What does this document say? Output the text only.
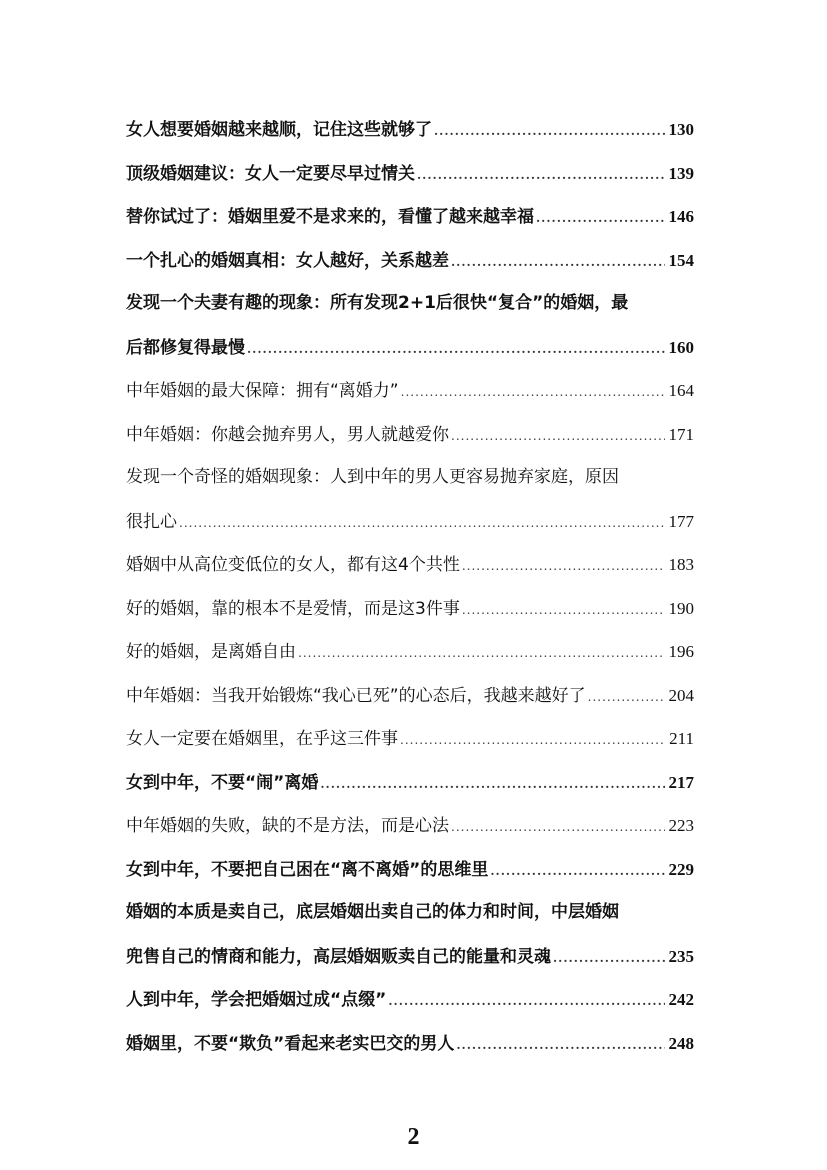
女人想要婚姻越来越顺，记住这些就够了 .....	130
顶级婚姻建议：女人一定要尽早过情关 .....	139
替你试过了：婚姻里爱不是求来的，看懂了越来越幸福 .....	146
一个扎心的婚姻真相：女人越好，关系越差 .....	154
发现一个夫妻有趣的现象：所有发现2+1后很快“复合”的婚姻，最
后都修复得最慢 .....	160
中年婚姻的最大保障：拥有“离婚力” .....	164
中年婚姻：你越会抛弃男人，男人就越爱你 .....	171
发现一个奇怪的婚姻现象：人到中年的男人更容易抛弃家庭，原因
很扎心 .....	177
婚姻中从高位变低位的女人，都有这4个共性 .....	183
好的婚姻，靠的根本不是爱情，而是这3件事 .....	190
好的婚姻，是离婚自由 .....	196
中年婚姻：当我开始锻炼“我心已死”的心态后，我越来越好了 .....	204
女人一定要在婚姻里，在乎这三件事 .....	211
女到中年，不要“闹”离婚 .....	217
中年婚姻的失败，缺的不是方法，而是心法 .....	223
女到中年，不要把自己困在“离不离婚”的思维里 .....	229
婚姻的本质是卖自己，底层婚姻出卖自己的体力和时间，中层婚姻
兜售自己的情商和能力，高层婚姻贩卖自己的能量和灵魂 .....	235
人到中年，学会把婚姻过成“点缀” .....	242
婚姻里，不要“欺负”看起来老实巴交的男人 .....	248
2
